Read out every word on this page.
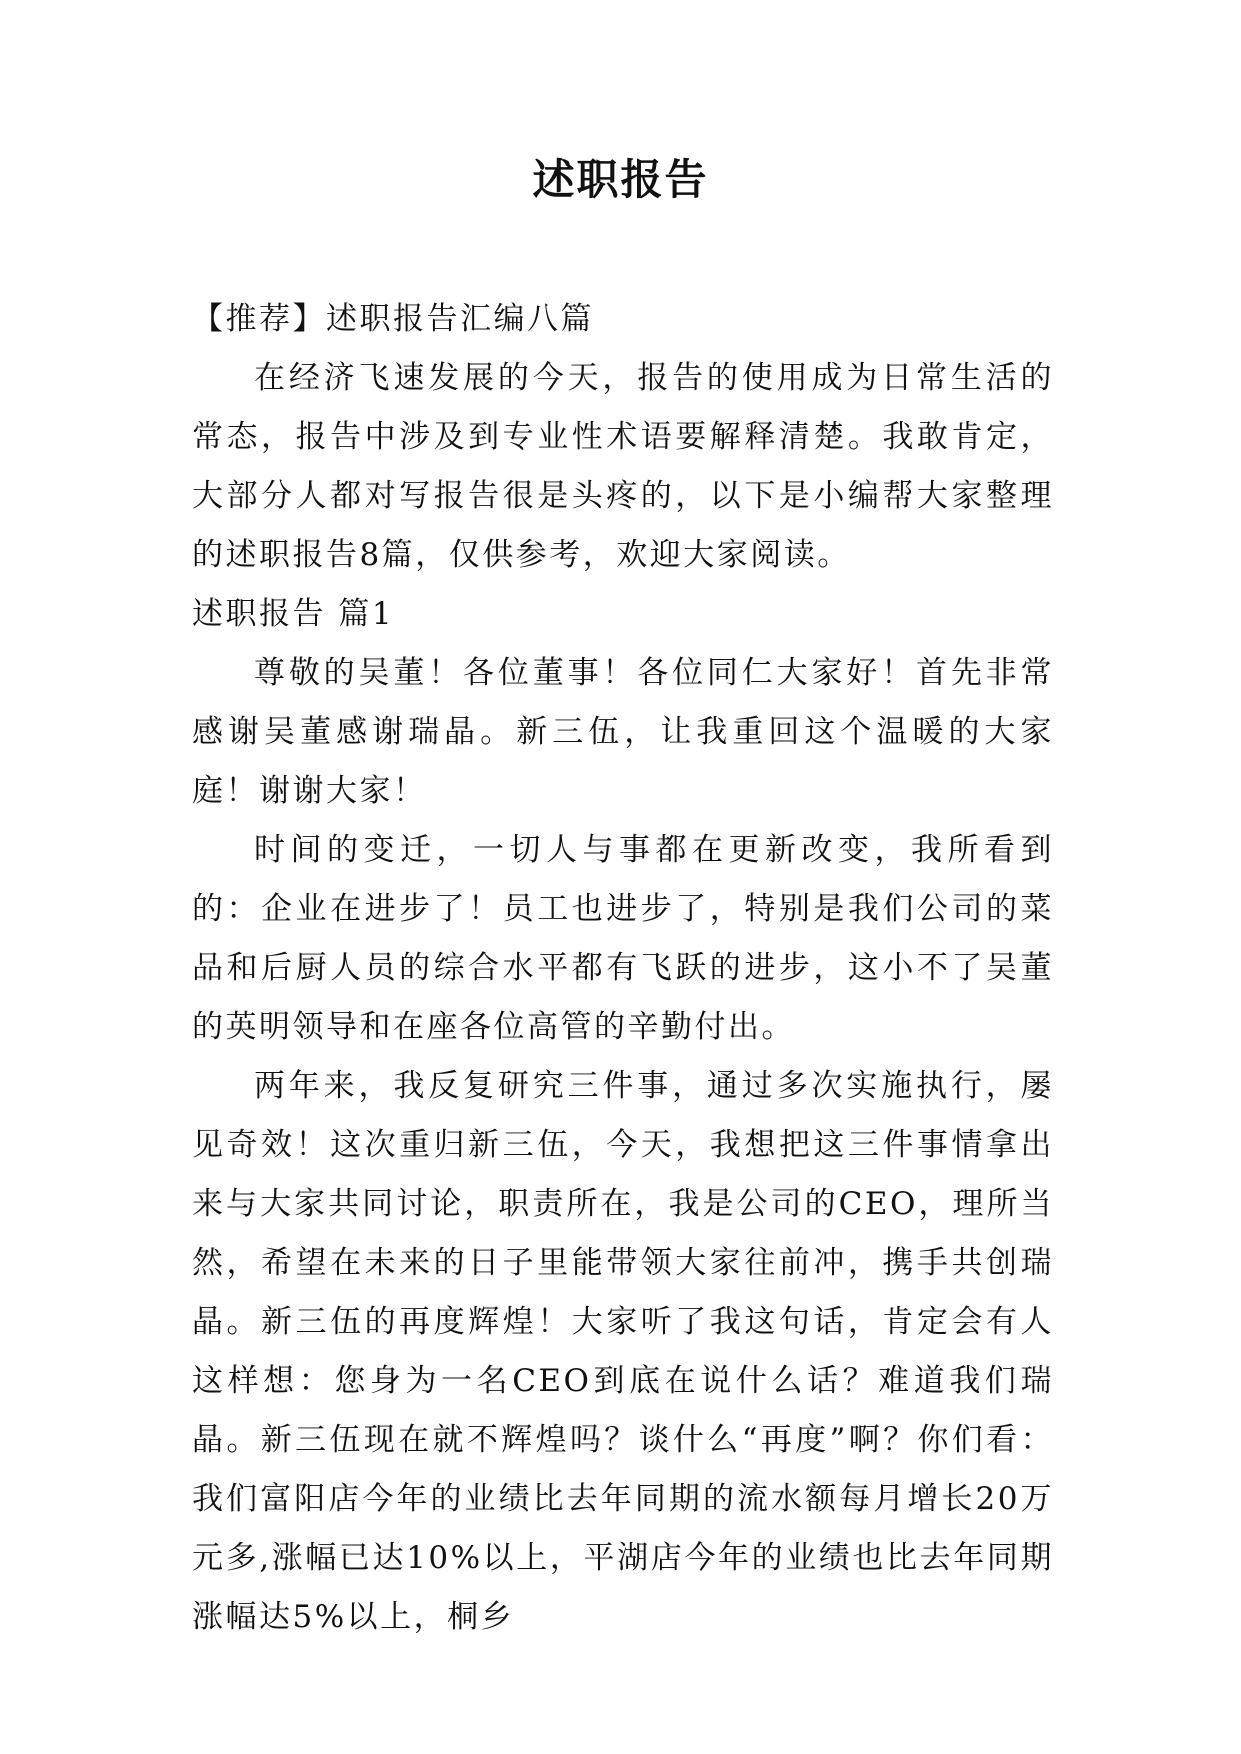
述职报告

【推荐】述职报告汇编八篇

在经济飞速发展的今天，报告的使用成为日常生活的常态，报告中涉及到专业性术语要解释清楚。我敢肯定，大部分人都对写报告很是头疼的，以下是小编帮大家整理的述职报告8篇，仅供参考，欢迎大家阅读。

述职报告 篇1

尊敬的吴董！各位董事！各位同仁大家好！首先非常感谢吴董感谢瑞晶。新三伍，让我重回这个温暖的大家庭！谢谢大家！

时间的变迁，一切人与事都在更新改变，我所看到的：企业在进步了！员工也进步了，特别是我们公司的菜品和后厨人员的综合水平都有飞跃的进步，这小不了吴董的英明领导和在座各位高管的辛勤付出。

两年来，我反复研究三件事，通过多次实施执行，屡见奇效！这次重归新三伍，今天，我想把这三件事情拿出来与大家共同讨论，职责所在，我是公司的CEO，理所当然，希望在未来的日子里能带领大家往前冲，携手共创瑞晶。新三伍的再度辉煌！大家听了我这句话，肯定会有人这样想：您身为一名CEO到底在说什么话？难道我们瑞晶。新三伍现在就不辉煌吗？谈什么“再度”啊？你们看：我们富阳店今年的业绩比去年同期的流水额每月增长20万元多,涨幅已达10%以上，平湖店今年的业绩也比去年同期涨幅达5%以上，桐乡
